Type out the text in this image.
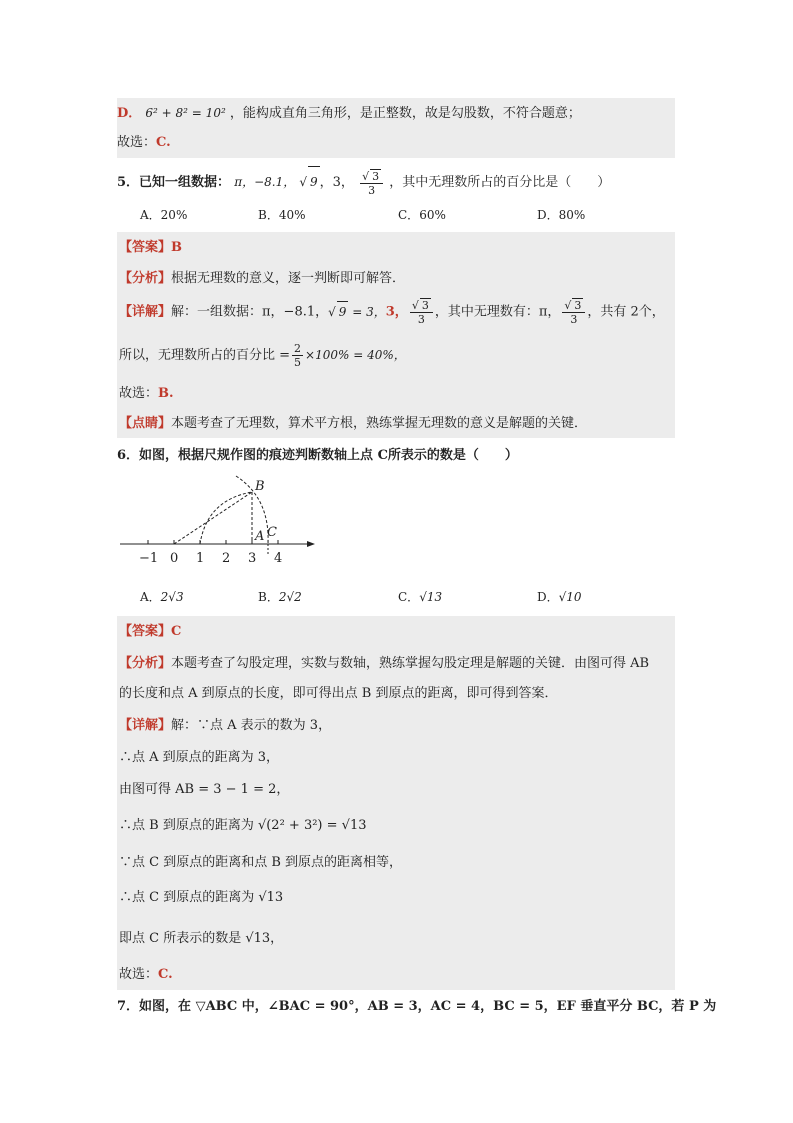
D． 6² + 8² = 10² ，能构成直角三角形，是正整数，故是勾股数，不符合题意；
故选：C.
5．已知一组数据： π，−8.1， √ 9 ，3， $\frac{√ 3}{3}$ ，其中无理数所占的百分比是（　　）
A．20%	B．40%	C．60%	D．80%
【答案】B
【分析】根据无理数的意义，逐一判断即可解答．
【详解】解：一组数据：π，−8.1，√ 9 = 3，3， $\frac{√ 3}{3}$ ，其中无理数有：π， $\frac{√ 3}{3}$ ，共有 2个，
所以，无理数所占的百分比 = $\frac{2}{5} \times 100\% = 40\%$，
故选：B.
【点睛】本题考查了无理数，算术平方根，熟练掌握无理数的意义是解题的关键．
6．如图，根据尺规作图的痕迹判断数轴上点 C所表示的数是（　　）
−1 0 1 2 3 4
B
A C
A．2√3	B．2√2	C．√13	D．√10
【答案】C
【分析】本题考查了勾股定理，实数与数轴，熟练掌握勾股定理是解题的关键．由图可得 AB
的长度和点 A 到原点的长度，即可得出点 B 到原点的距离，即可得到答案．
【详解】解：∵点 A 表示的数为 3，
∴点 A 到原点的距离为 3，
由图可得 AB = 3 − 1 = 2，
∴点 B 到原点的距离为 √(2² + 3²) = √13
∵点 C 到原点的距离和点 B 到原点的距离相等，
∴点 C 到原点的距离为 √13
即点 C 所表示的数是 √13，
故选：C.
7．如图，在 ▽ABC 中，∠BAC = 90°，AB = 3，AC = 4，BC = 5，EF 垂直平分 BC，若 P 为
